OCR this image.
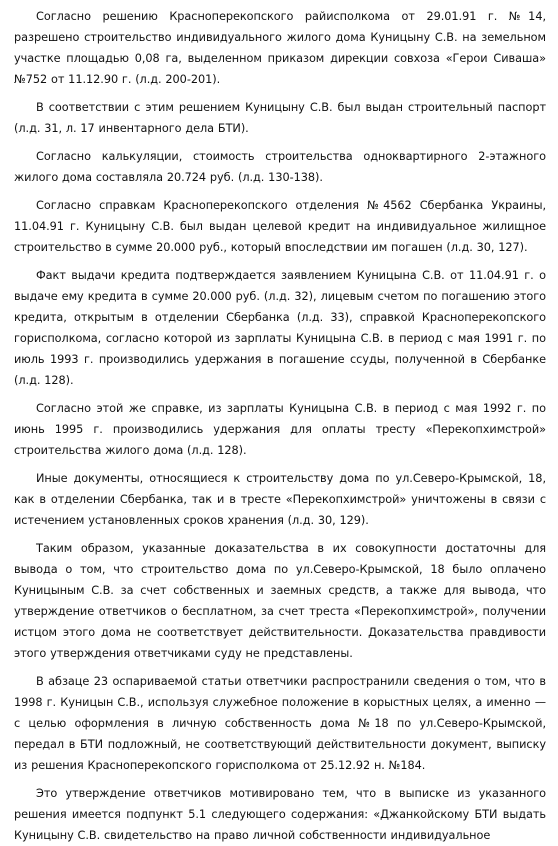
Согласно решению Красноперекопского райисполкома от 29.01.91 г. №14, разрешено строительство индивидуального жилого дома Куницыну С.В. на земельном участке площадью 0,08 га, выделенном приказом дирекции совхоза «Герои Сиваша» №752 от 11.12.90 г. (л.д. 200-201).

В соответствии с этим решением Куницыну С.В. был выдан строительный паспорт (л.д. 31, л. 17 инвентарного дела БТИ).

Согласно калькуляции, стоимость строительства одноквартирного 2-этажного жилого дома составляла 20.724 руб. (л.д. 130-138).

Согласно справкам Красноперекопского отделения №4562 Сбербанка Украины, 11.04.91 г. Куницыну С.В. был выдан целевой кредит на индивидуальное жилищное строительство в сумме 20.000 руб., который впоследствии им погашен (л.д. 30, 127).

Факт выдачи кредита подтверждается заявлением Куницына С.В. от 11.04.91 г. о выдаче ему кредита в сумме 20.000 руб. (л.д. 32), лицевым счетом по погашению этого кредита, открытым в отделении Сбербанка (л.д. 33), справкой Красноперекопского горисполкома, согласно которой из зарплаты Куницына С.В. в период с мая 1991 г. по июль 1993 г. производились удержания в погашение ссуды, полученной в Сбербанке (л.д. 128).

Согласно этой же справке, из зарплаты Куницына С.В. в период с мая 1992 г. по июнь 1995 г. производились удержания для оплаты тресту «Перекопхимстрой» строительства жилого дома (л.д. 128).

Иные документы, относящиеся к строительству дома по ул.Северо-Крымской, 18, как в отделении Сбербанка, так и в тресте «Перекопхимстрой» уничтожены в связи с истечением установленных сроков хранения (л.д. 30, 129).

Таким образом, указанные доказательства в их совокупности достаточны для вывода о том, что строительство дома по ул.Северо-Крымской, 18 было оплачено Куницыным С.В. за счет собственных и заемных средств, а также для вывода, что утверждение ответчиков о бесплатном, за счет треста «Перекопхимстрой», получении истцом этого дома не соответствует действительности. Доказательства правдивости этого утверждения ответчиками суду не представлены.

В абзаце 23 оспариваемой статьи ответчики распространили сведения о том, что в 1998 г. Куницын С.В., используя служебное положение в корыстных целях, а именно — с целью оформления в личную собственность дома №18 по ул.Северо-Крымской, передал в БТИ подложный, не соответствующий действительности документ, выписку из решения Красноперекопского горисполкома от 25.12.92 н. №184.

Это утверждение ответчиков мотивировано тем, что в выписке из указанного решения имеется подпункт 5.1 следующего содержания: «Джанкойскому БТИ выдать Куницыну С.В. свидетельство на право личной собственности индивидуальное
